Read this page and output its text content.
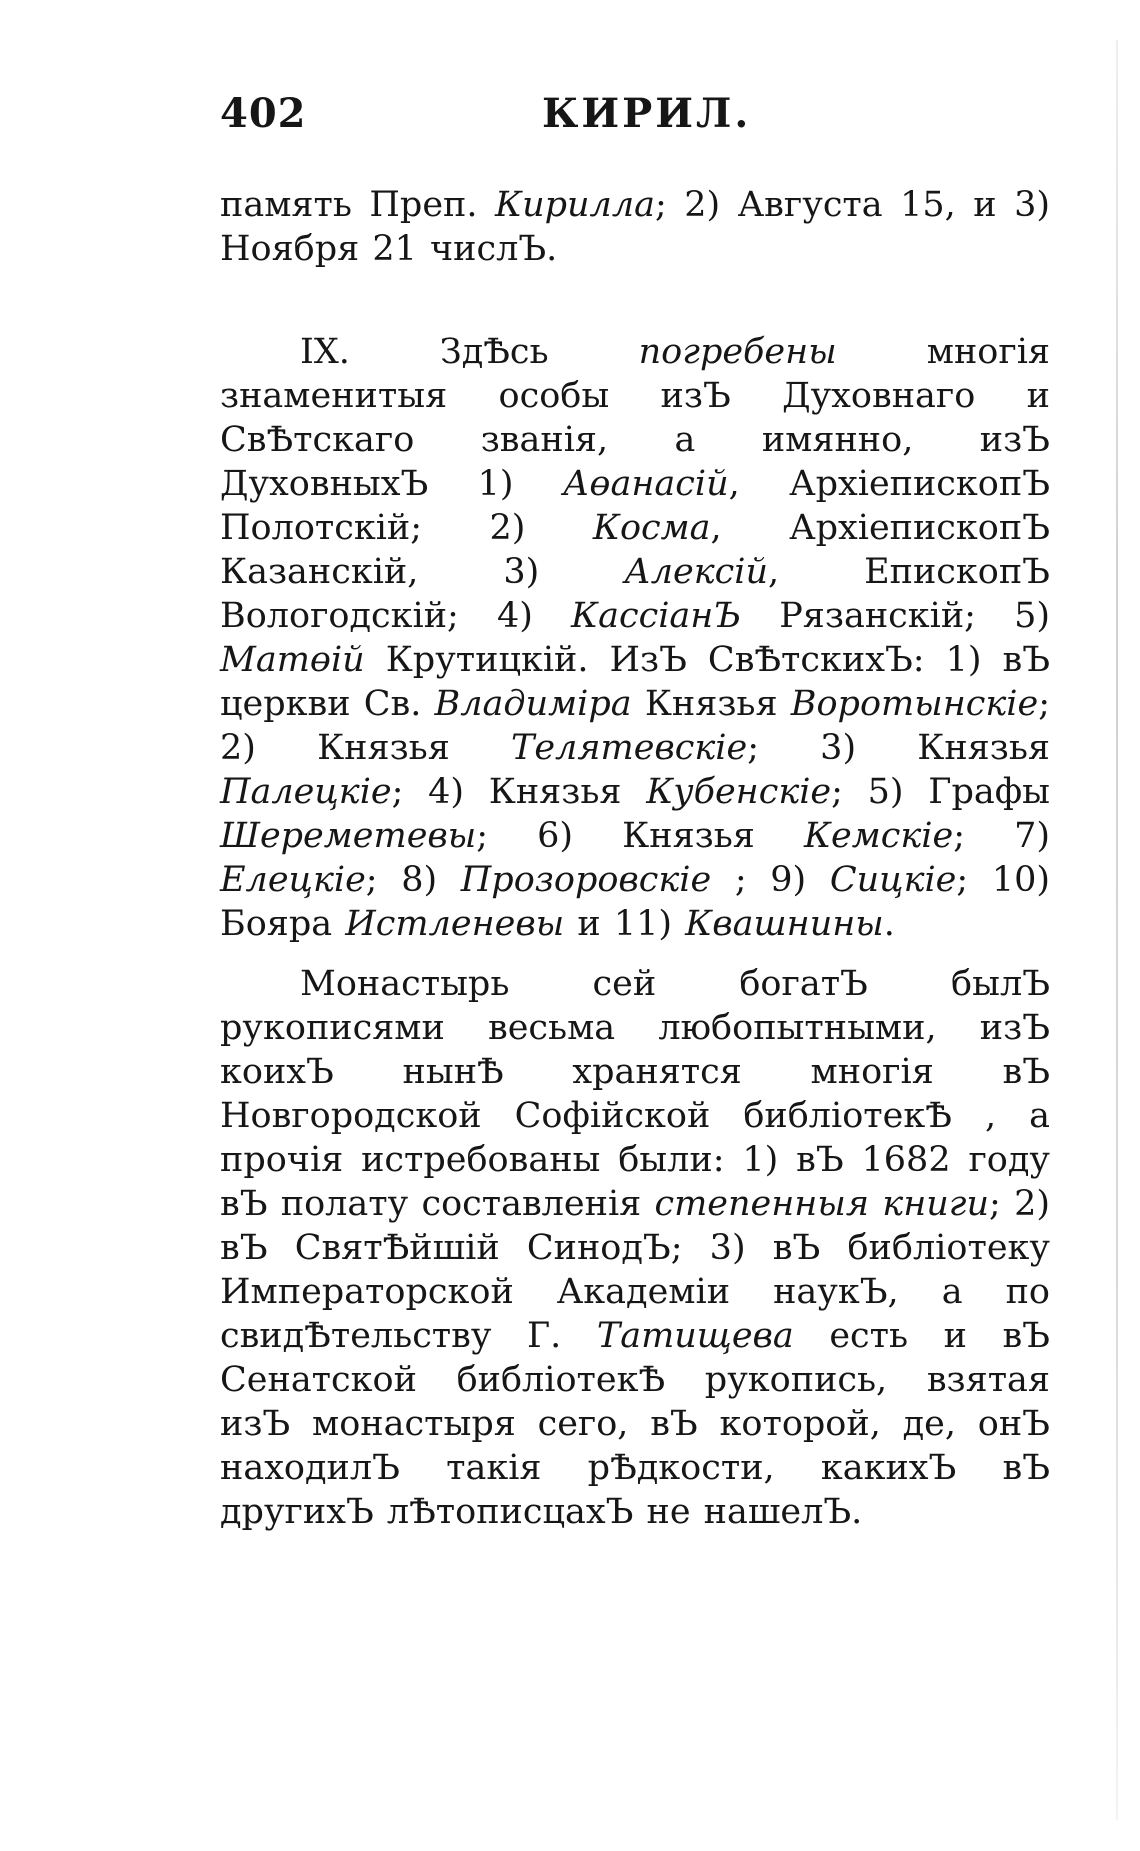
402	КИРИЛ.

память Преп. Кирилла; 2) Августа 15, и 3) Ноября 21 числЪ.

IX. ЗдѢсь погребены многія знаменитыя особы изЪ Духовнаго и СвѢтскаго званія, а имянно, изЪ ДуховныхЪ 1) Аөанасій, АрхіепископЪ Полотскій; 2) Косма, АрхіепископЪ Казанскій, 3) Алексій, ЕпископЪ Вологодскій; 4) КассіанЪ Рязанскій; 5) Матөій Крутицкій. ИзЪ СвѢтскихЪ: 1) вЪ церкви Св. Владиміра Князья Воротынскіе; 2) Князья Телятевскіе; 3) Князья Палецкіе; 4) Князья Кубенскіе; 5) Графы Шереметевы; 6) Князья Кемскіе; 7) Елецкіе; 8) Прозоровскіе ; 9) Сицкіе; 10) Бояра Истленевы и 11) Квашнины.

Монастырь сей богатЪ былЪ рукописями весьма любопытными, изЪ коихЪ нынѢ хранятся многія вЪ Новгородской Софійской библіотекѢ , а прочія истребованы были: 1) вЪ 1682 году вЪ полату составленія степенныя книги; 2) вЪ СвятѢйшій СинодЪ; 3) вЪ библіотеку Императорской Академіи наукЪ, а по свидѢтельству Г. Татищева есть и вЪ Сенатской библіотекѢ рукопись, взятая изЪ монастыря сего, вЪ которой, де, онЪ находилЪ такія рѢдкости, какихЪ вЪ другихЪ лѢтописцахЪ не нашелЪ.
